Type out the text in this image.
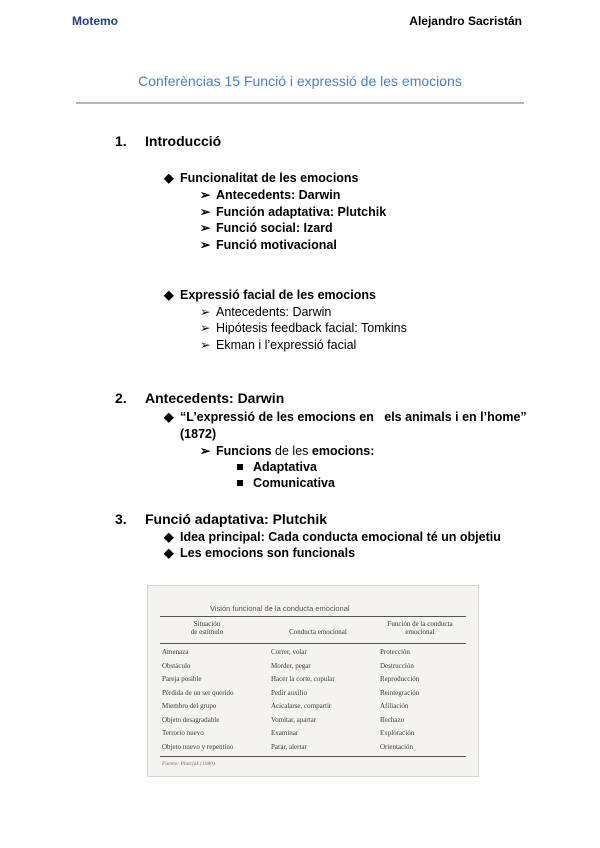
Motemo	Alejandro Sacristán
Conferèncias 15 Funció i expressió de les emocions
1. Introducció
◆ Funcionalitat de les emocions
➢ Antecedents: Darwin
➢ Función adaptativa: Plutchik
➢ Funció social: Izard
➢ Funció motivacional
◆ Expressió facial de les emocions
➢ Antecedents: Darwin
➢ Hipótesis feedback facial: Tomkins
➢ Ekman i l’expressió facial
2. Antecedents: Darwin
◆ “L’expressió de les emocions en   els animals i en l’home”
(1872)
➢ Funcions de les emocions:
Adaptativa
Comunicativa
3. Funció adaptativa: Plutchik
◆ Idea principal: Cada conducta emocional té un objetiu
◆ Les emocions son funcionals
Visión funcional de la conducta emocional
Situación
de estímulo	Conducta emocional
Función de la conducta
emocional
Amenaza	Correr, volar	Protección
Obstáculo	Morder, pegar	Destrucción
Pareja posible	Hacer la corte, copular	Reproducción
Pérdida de un ser querido	Pedir auxilio	Reintegración
Miembro del grupo	Acicalarse, compartir	Afiliación
Objeto desagradable	Vomitar, apartar	Rechazo
Terrorio nuevo	Examinar	Exploración
Objeto nuevo y repentino	Parar, alertar	Orientación
Fuente: Plutchik (1980).
